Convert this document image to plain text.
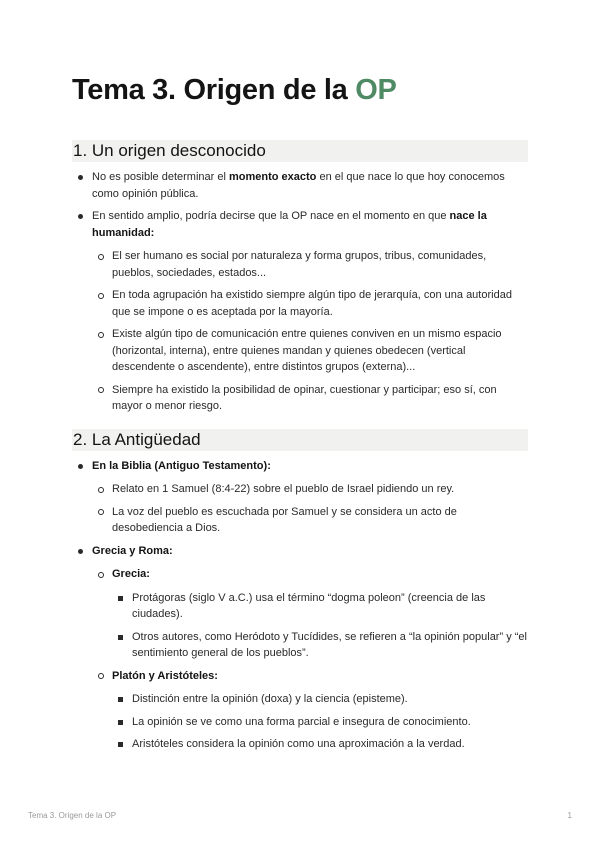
Tema 3. Origen de la OP
1. Un origen desconocido
No es posible determinar el momento exacto en el que nace lo que hoy conocemos como opinión pública.
En sentido amplio, podría decirse que la OP nace en el momento en que nace la humanidad:
El ser humano es social por naturaleza y forma grupos, tribus, comunidades, pueblos, sociedades, estados...
En toda agrupación ha existido siempre algún tipo de jerarquía, con una autoridad que se impone o es aceptada por la mayoría.
Existe algún tipo de comunicación entre quienes conviven en un mismo espacio (horizontal, interna), entre quienes mandan y quienes obedecen (vertical descendente o ascendente), entre distintos grupos (externa)...
Siempre ha existido la posibilidad de opinar, cuestionar y participar; eso sí, con mayor o menor riesgo.
2. La Antigüedad
En la Biblia (Antiguo Testamento):
Relato en 1 Samuel (8:4-22) sobre el pueblo de Israel pidiendo un rey.
La voz del pueblo es escuchada por Samuel y se considera un acto de desobediencia a Dios.
Grecia y Roma:
Grecia:
Protágoras (siglo V a.C.) usa el término “dogma poleon” (creencia de las ciudades).
Otros autores, como Heródoto y Tucídides, se refieren a “la opinión popular” y “el sentimiento general de los pueblos”.
Platón y Aristóteles:
Distinción entre la opinión (doxa) y la ciencia (episteme).
La opinión se ve como una forma parcial e insegura de conocimiento.
Aristóteles considera la opinión como una aproximación a la verdad.
Tema 3. Origen de la OP	1
